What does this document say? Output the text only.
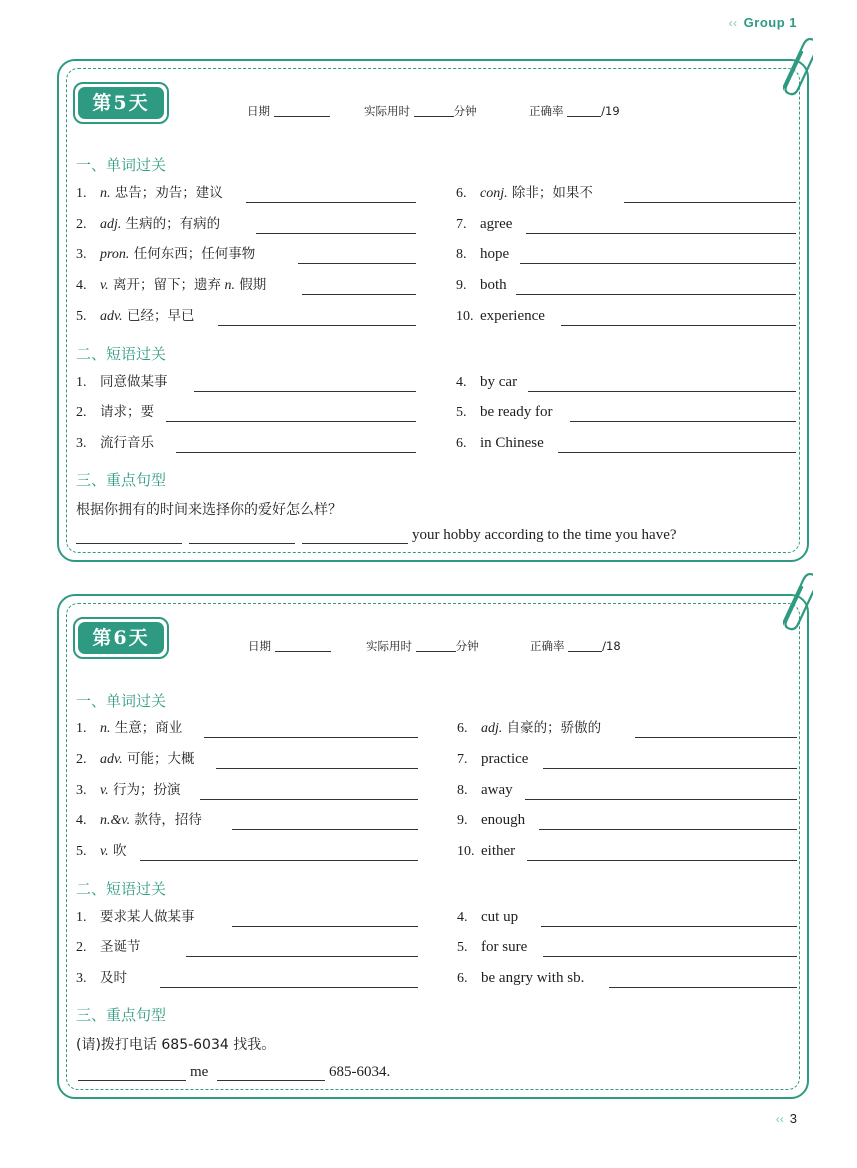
‹‹ Group 1
第5天	日期	实际用时	分钟	正确率	/19
一、单词过关
1. n. 忠告；劝告；建议
2. adj. 生病的；有病的
3. pron. 任何东西；任何事物
4. v. 离开；留下；遗弃 n. 假期
5. adv. 已经；早已
6. conj. 除非；如果不
7. agree
8. hope
9. both
10. experience
二、短语过关
1. 同意做某事
2. 请求；要
3. 流行音乐
4. by car
5. be ready for
6. in Chinese
三、重点句型
根据你拥有的时间来选择你的爱好怎么样？
your hobby according to the time you have?
第6天	日期	实际用时	分钟	正确率	/18
一、单词过关
1. n. 生意；商业
2. adv. 可能；大概
3. v. 行为；扮演
4. n.&v. 款待，招待
5. v. 吹
6. adj. 自豪的；骄傲的
7. practice
8. away
9. enough
10. either
二、短语过关
1. 要求某人做某事
2. 圣诞节
3. 及时
4. cut up
5. for sure
6. be angry with sb.
三、重点句型
(请)拨打电话 685-6034 找我。
me	685-6034.
‹‹ 3
